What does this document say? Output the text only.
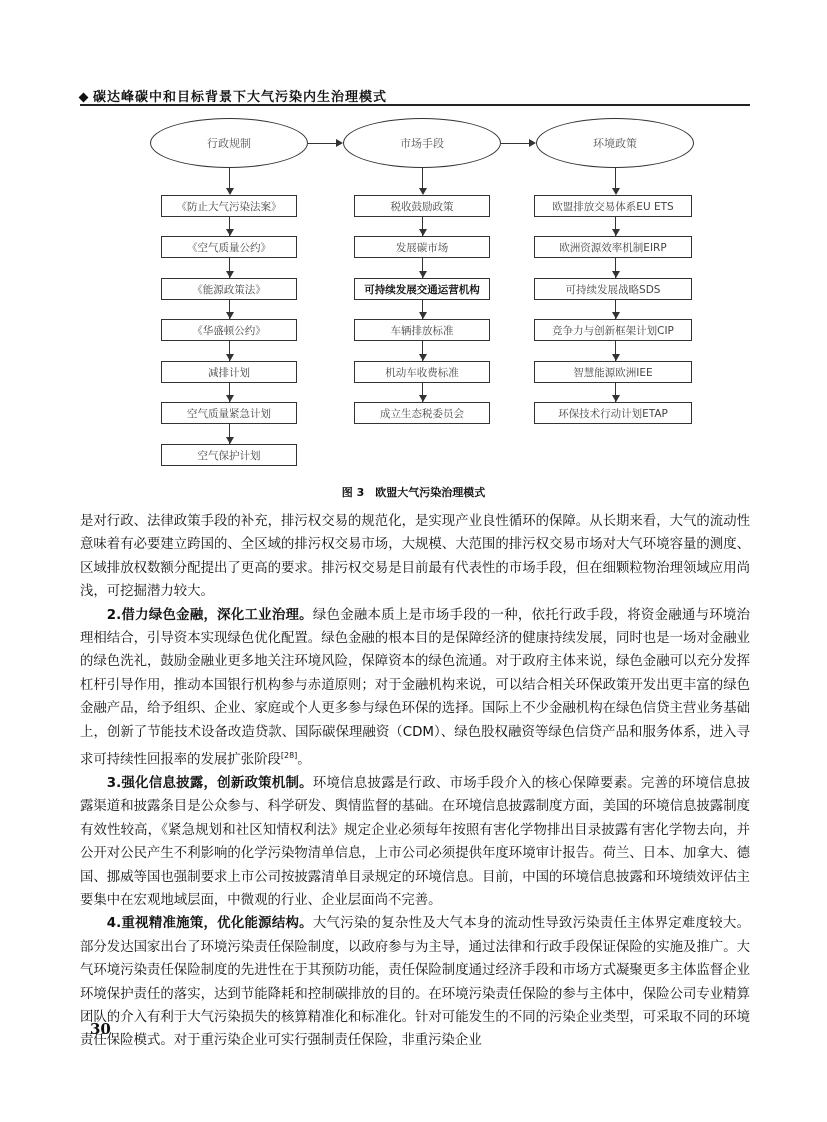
碳达峰碳中和目标背景下大气污染内生治理模式
行政规制
《防止大气污染法案》
《空气质量公约》
《能源政策法》
《华盛顿公约》
减排计划
空气质量紧急计划
空气保护计划
市场手段
税收鼓励政策
发展碳市场
可持续发展交通运营机构
车辆排放标准
机动车收费标准
成立生态税委员会
环境政策
欧盟排放交易体系EU ETS
欧洲资源效率机制EIRP
可持续发展战略SDS
竞争力与创新框架计划CIP
智慧能源欧洲IEE
环保技术行动计划ETAP
图 3　欧盟大气污染治理模式

是对行政、法律政策手段的补充，排污权交易的规范化，是实现产业良性循环的保障。从长期来看，大气的流动性意味着有必要建立跨国的、全区域的排污权交易市场，大规模、大范围的排污权交易市场对大气环境容量的测度、区域排放权数额分配提出了更高的要求。排污权交易是目前最有代表性的市场手段，但在细颗粒物治理领域应用尚浅，可挖掘潜力较大。

2.借力绿色金融，深化工业治理。绿色金融本质上是市场手段的一种，依托行政手段，将资金融通与环境治理相结合，引导资本实现绿色优化配置。绿色金融的根本目的是保障经济的健康持续发展，同时也是一场对金融业的绿色洗礼，鼓励金融业更多地关注环境风险，保障资本的绿色流通。对于政府主体来说，绿色金融可以充分发挥杠杆引导作用，推动本国银行机构参与赤道原则；对于金融机构来说，可以结合相关环保政策开发出更丰富的绿色金融产品，给予组织、企业、家庭或个人更多参与绿色环保的选择。国际上不少金融机构在绿色信贷主营业务基础上，创新了节能技术设备改造贷款、国际碳保理融资（CDM）、绿色股权融资等绿色信贷产品和服务体系，进入寻求可持续性回报率的发展扩张阶段[28]。

3.强化信息披露，创新政策机制。环境信息披露是行政、市场手段介入的核心保障要素。完善的环境信息披露渠道和披露条目是公众参与、科学研发、舆情监督的基础。在环境信息披露制度方面，美国的环境信息披露制度有效性较高，《紧急规划和社区知情权利法》规定企业必须每年按照有害化学物排出目录披露有害化学物去向，并公开对公民产生不利影响的化学污染物清单信息，上市公司必须提供年度环境审计报告。荷兰、日本、加拿大、德国、挪威等国也强制要求上市公司按披露清单目录规定的环境信息。目前，中国的环境信息披露和环境绩效评估主要集中在宏观地域层面，中微观的行业、企业层面尚不完善。

4.重视精准施策，优化能源结构。大气污染的复杂性及大气本身的流动性导致污染责任主体界定难度较大。部分发达国家出台了环境污染责任保险制度，以政府参与为主导，通过法律和行政手段保证保险的实施及推广。大气环境污染责任保险制度的先进性在于其预防功能，责任保险制度通过经济手段和市场方式凝聚更多主体监督企业环境保护责任的落实，达到节能降耗和控制碳排放的目的。在环境污染责任保险的参与主体中，保险公司专业精算团队的介入有利于大气污染损失的核算精准化和标准化。针对可能发生的不同的污染企业类型，可采取不同的环境责任保险模式。对于重污染企业可实行强制责任保险，非重污染企业

30
